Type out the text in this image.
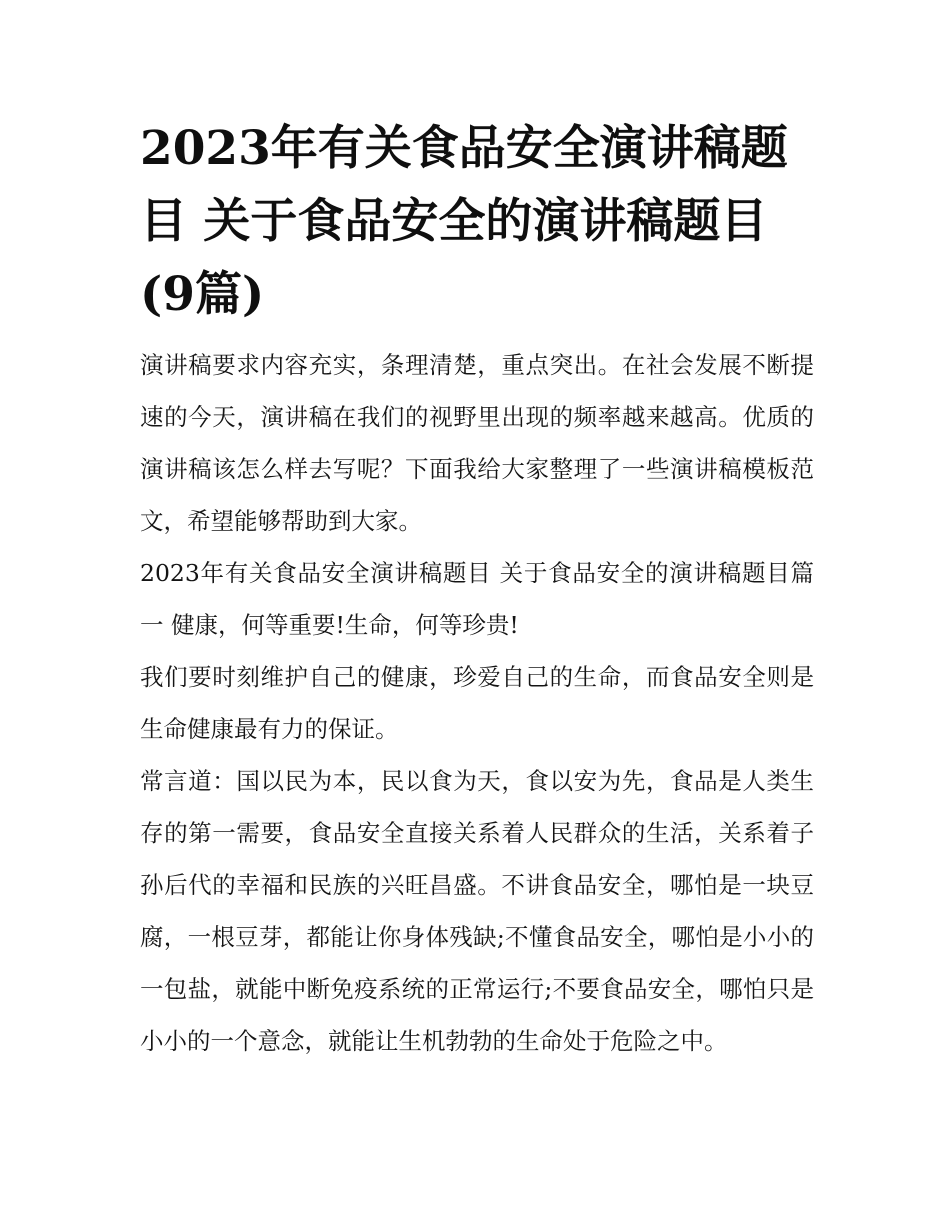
2023年有关食品安全演讲稿题目 关于食品安全的演讲稿题目(9篇)

演讲稿要求内容充实，条理清楚，重点突出。在社会发展不断提速的今天，演讲稿在我们的视野里出现的频率越来越高。优质的演讲稿该怎么样去写呢？下面我给大家整理了一些演讲稿模板范文，希望能够帮助到大家。

2023年有关食品安全演讲稿题目 关于食品安全的演讲稿题目篇一 健康，何等重要!生命，何等珍贵!

我们要时刻维护自己的健康，珍爱自己的生命，而食品安全则是生命健康最有力的保证。

常言道：国以民为本，民以食为天，食以安为先，食品是人类生存的第一需要，食品安全直接关系着人民群众的生活，关系着子孙后代的幸福和民族的兴旺昌盛。不讲食品安全，哪怕是一块豆腐，一根豆芽，都能让你身体残缺;不懂食品安全，哪怕是小小的一包盐，就能中断免疫系统的正常运行;不要食品安全，哪怕只是小小的一个意念，就能让生机勃勃的生命处于危险之中。
